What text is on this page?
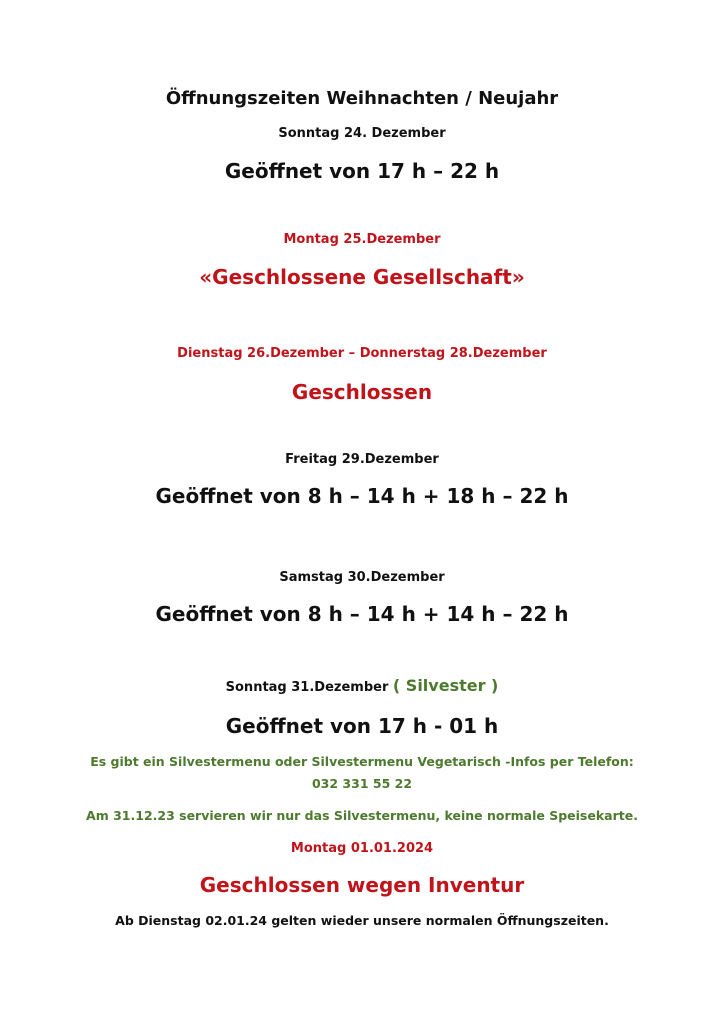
Öffnungszeiten Weihnachten / Neujahr
Sonntag 24. Dezember
Geöffnet von 17 h – 22 h
Montag 25.Dezember
«Geschlossene Gesellschaft»
Dienstag 26.Dezember – Donnerstag 28.Dezember
Geschlossen
Freitag 29.Dezember
Geöffnet von 8 h – 14 h + 18 h – 22 h
Samstag 30.Dezember
Geöffnet von 8 h – 14 h + 14 h – 22 h
Sonntag 31.Dezember ( Silvester )
Geöffnet von 17 h - 01 h
Es gibt ein Silvestermenu oder Silvestermenu Vegetarisch -Infos per Telefon:
032 331 55 22
Am 31.12.23 servieren wir nur das Silvestermenu, keine normale Speisekarte.
Montag 01.01.2024
Geschlossen wegen Inventur
Ab Dienstag 02.01.24 gelten wieder unsere normalen Öffnungszeiten.
